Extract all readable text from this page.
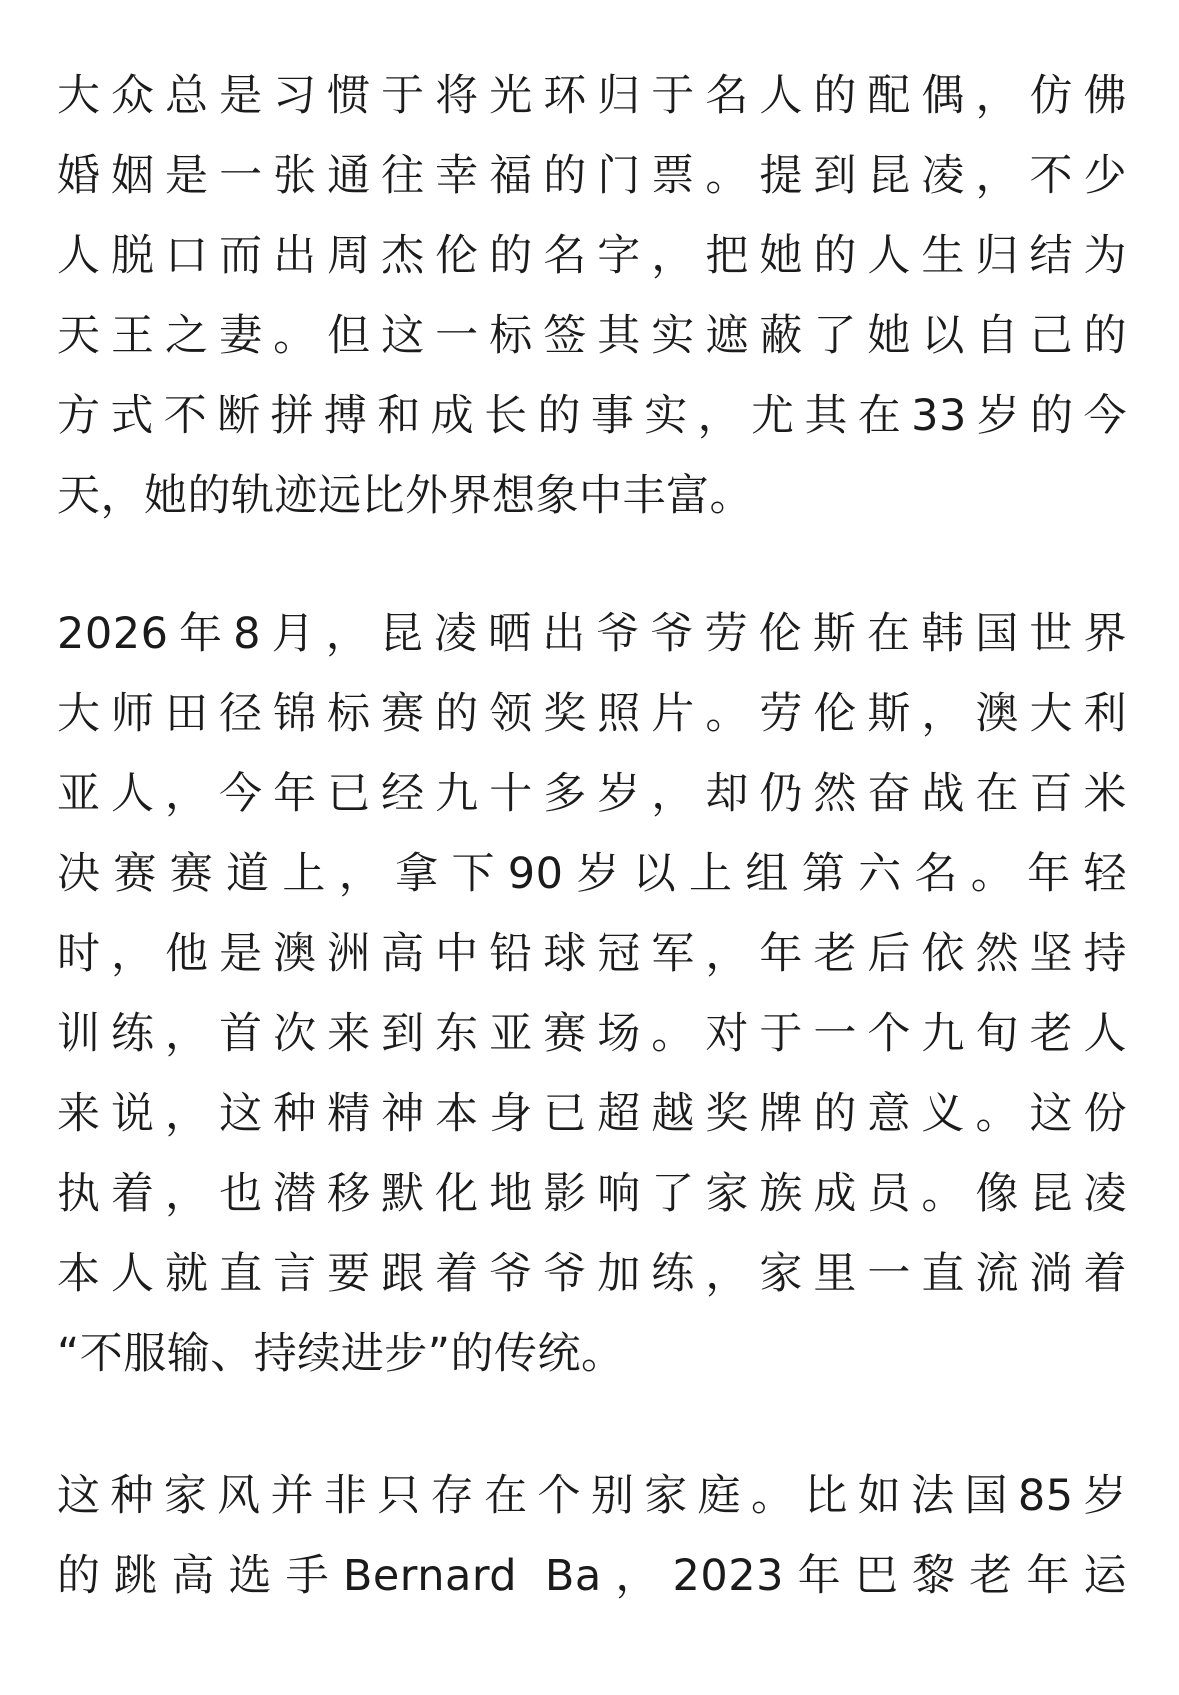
大众总是习惯于将光环归于名人的配偶，仿佛

婚姻是一张通往幸福的门票。提到昆凌，不少

人脱口而出周杰伦的名字，把她的人生归结为

天王之妻。但这一标签其实遮蔽了她以自己的

方式不断拼搏和成长的事实，尤其在33岁的今

天，她的轨迹远比外界想象中丰富。

2026年8月，昆凌晒出爷爷劳伦斯在韩国世界

大师田径锦标赛的领奖照片。劳伦斯，澳大利

亚人，今年已经九十多岁，却仍然奋战在百米

决赛赛道上，拿下90岁以上组第六名。年轻

时，他是澳洲高中铅球冠军，年老后依然坚持

训练，首次来到东亚赛场。对于一个九旬老人

来说，这种精神本身已超越奖牌的意义。这份

执着，也潜移默化地影响了家族成员。像昆凌

本人就直言要跟着爷爷加练，家里一直流淌着

“不服输、持续进步”的传统。

这种家风并非只存在个别家庭。比如法国85岁

的跳高选手Bernard Ba，2023年巴黎老年运
